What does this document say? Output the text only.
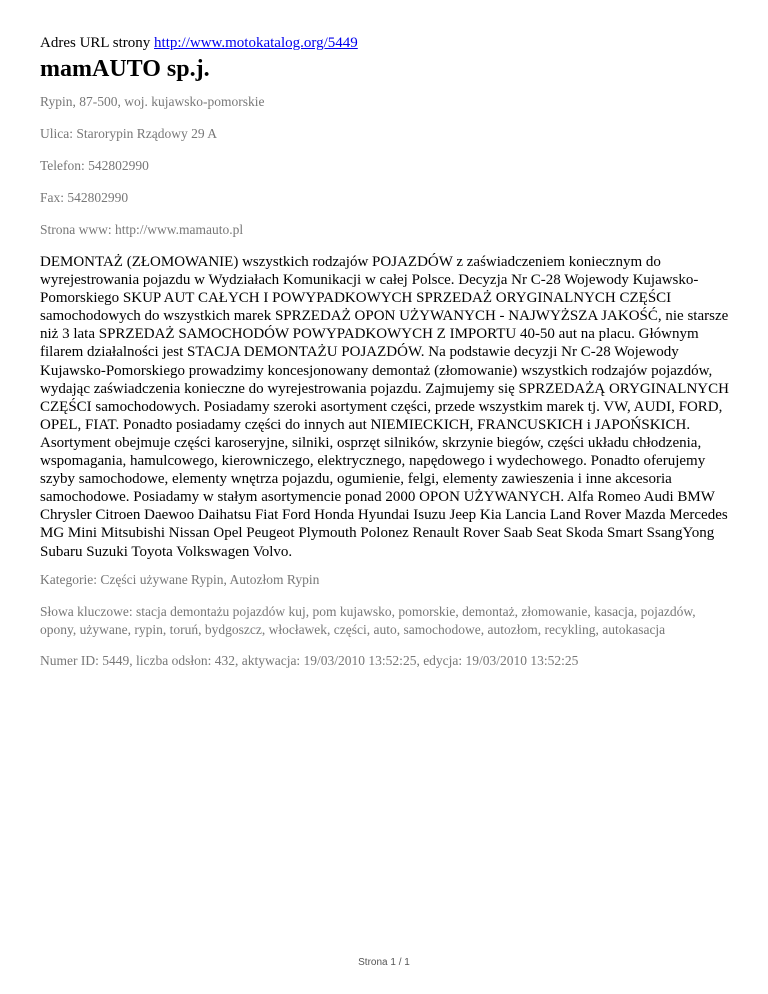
Adres URL strony http://www.motokatalog.org/5449
mamAUTO sp.j.
Rypin, 87-500, woj. kujawsko-pomorskie
Ulica: Starorypin Rządowy 29 A
Telefon: 542802990
Fax: 542802990
Strona www: http://www.mamauto.pl
DEMONTAŻ (ZŁOMOWANIE) wszystkich rodzajów POJAZDÓW z zaświadczeniem koniecznym do wyrejestrowania pojazdu w Wydziałach Komunikacji w całej Polsce. Decyzja Nr C-28 Wojewody Kujawsko-Pomorskiego SKUP AUT CAŁYCH I POWYPADKOWYCH SPRZEDAŻ ORYGINALNYCH CZĘŚCI samochodowych do wszystkich marek SPRZEDAŻ OPON UŻYWANYCH - NAJWYŻSZA JAKOŚĆ, nie starsze niż 3 lata SPRZEDAŻ SAMOCHODÓW POWYPADKOWYCH Z IMPORTU 40-50 aut na placu. Głównym filarem działalności jest STACJA DEMONTAŻU POJAZDÓW. Na podstawie decyzji Nr C-28 Wojewody Kujawsko-Pomorskiego prowadzimy koncesjonowany demontaż (złomowanie) wszystkich rodzajów pojazdów, wydając zaświadczenia konieczne do wyrejestrowania pojazdu. Zajmujemy się SPRZEDAŻĄ ORYGINALNYCH CZĘŚCI samochodowych. Posiadamy szeroki asortyment części, przede wszystkim marek tj. VW, AUDI, FORD, OPEL, FIAT. Ponadto posiadamy części do innych aut NIEMIECKICH, FRANCUSKICH i JAPOŃSKICH. Asortyment obejmuje części karoseryjne, silniki, osprzęt silników, skrzynie biegów, części układu chłodzenia, wspomagania, hamulcowego, kierowniczego, elektrycznego, napędowego i wydechowego. Ponadto oferujemy szyby samochodowe, elementy wnętrza pojazdu, ogumienie, felgi, elementy zawieszenia i inne akcesoria samochodowe. Posiadamy w stałym asortymencie ponad 2000 OPON UŻYWANYCH. Alfa Romeo Audi BMW Chrysler Citroen Daewoo Daihatsu Fiat Ford Honda Hyundai Isuzu Jeep Kia Lancia Land Rover Mazda Mercedes MG Mini Mitsubishi Nissan Opel Peugeot Plymouth Polonez Renault Rover Saab Seat Skoda Smart SsangYong Subaru Suzuki Toyota Volkswagen Volvo.
Kategorie: Części używane Rypin, Autozłom Rypin
Słowa kluczowe: stacja demontażu pojazdów kuj, pom kujawsko, pomorskie, demontaż, złomowanie, kasacja, pojazdów, opony, używane, rypin, toruń, bydgoszcz, włocławek, części, auto, samochodowe, autozłom, recykling, autokasacja
Numer ID: 5449, liczba odsłon: 432, aktywacja: 19/03/2010 13:52:25, edycja: 19/03/2010 13:52:25
Strona 1 / 1
